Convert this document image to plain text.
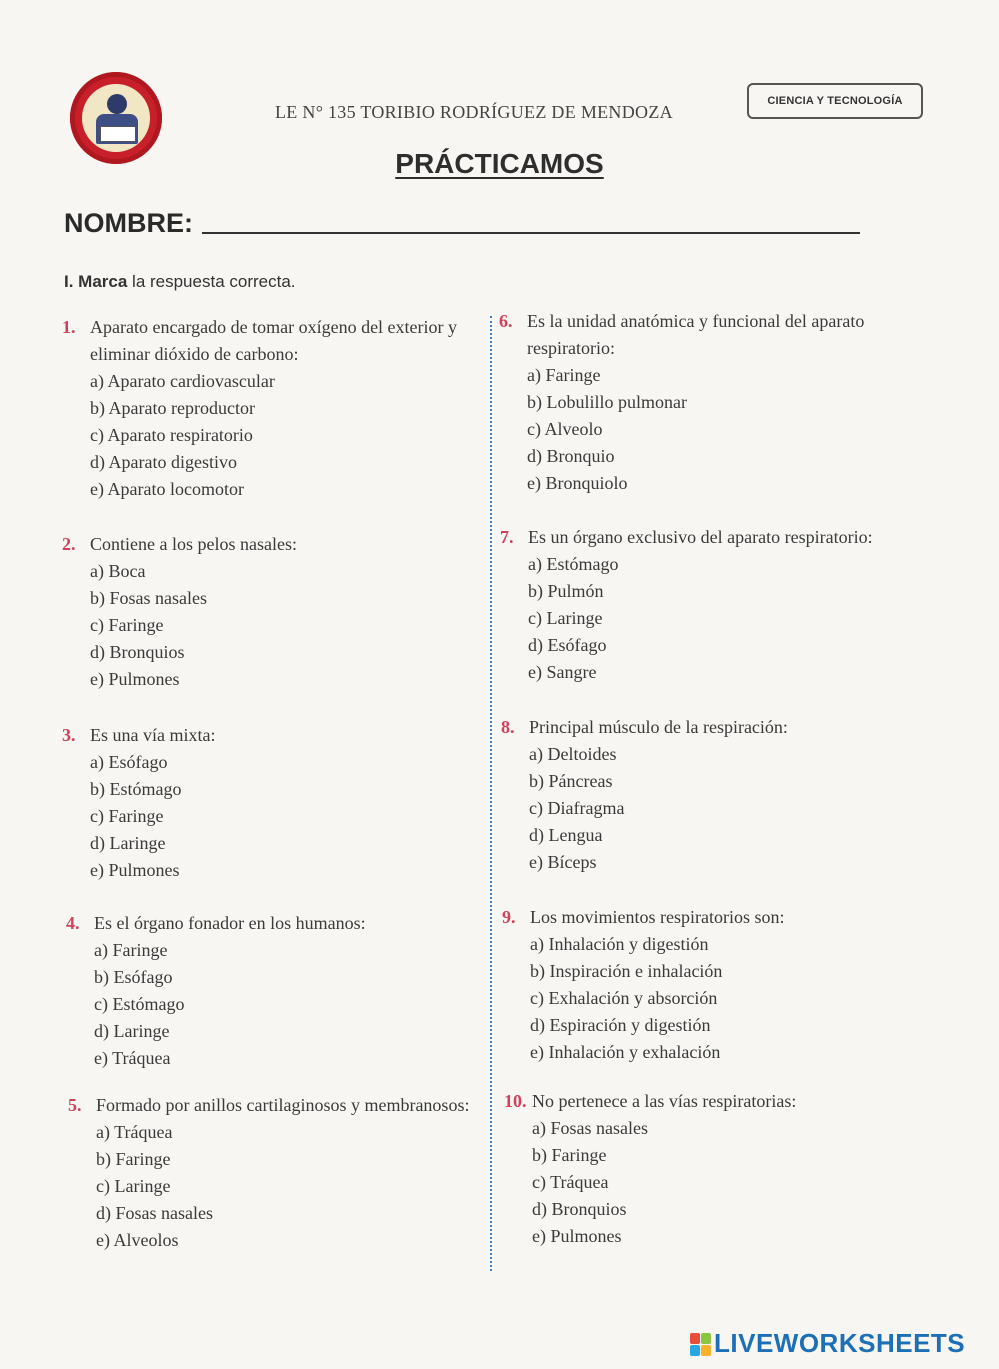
LE N° 135 TORIBIO RODRÍGUEZ DE MENDOZA
CIENCIA Y TECNOLOGÍA
PRÁCTICAMOS
NOMBRE:
I. Marca la respuesta correcta.
1. Aparato encargado de tomar oxígeno del exterior y eliminar dióxido de carbono:
a) Aparato cardiovascular
b) Aparato reproductor
c) Aparato respiratorio
d) Aparato digestivo
e) Aparato locomotor
2. Contiene a los pelos nasales:
a) Boca
b) Fosas nasales
c) Faringe
d) Bronquios
e) Pulmones
3. Es una vía mixta:
a) Esófago
b) Estómago
c) Faringe
d) Laringe
e) Pulmones
4. Es el órgano fonador en los humanos:
a) Faringe
b) Esófago
c) Estómago
d) Laringe
e) Tráquea
5. Formado por anillos cartilaginosos y membranosos:
a) Tráquea
b) Faringe
c) Laringe
d) Fosas nasales
e) Alveolos
6. Es la unidad anatómica y funcional del aparato respiratorio:
a) Faringe
b) Lobulillo pulmonar
c) Alveolo
d) Bronquio
e) Bronquiolo
7. Es un órgano exclusivo del aparato respiratorio:
a) Estómago
b) Pulmón
c) Laringe
d) Esófago
e) Sangre
8. Principal músculo de la respiración:
a) Deltoides
b) Páncreas
c) Diafragma
d) Lengua
e) Bíceps
9. Los movimientos respiratorios son:
a) Inhalación y digestión
b) Inspiración e inhalación
c) Exhalación y absorción
d) Espiración y digestión
e) Inhalación y exhalación
10. No pertenece a las vías respiratorias:
a) Fosas nasales
b) Faringe
c) Tráquea
d) Bronquios
e) Pulmones
LIVEWORKSHEETS
